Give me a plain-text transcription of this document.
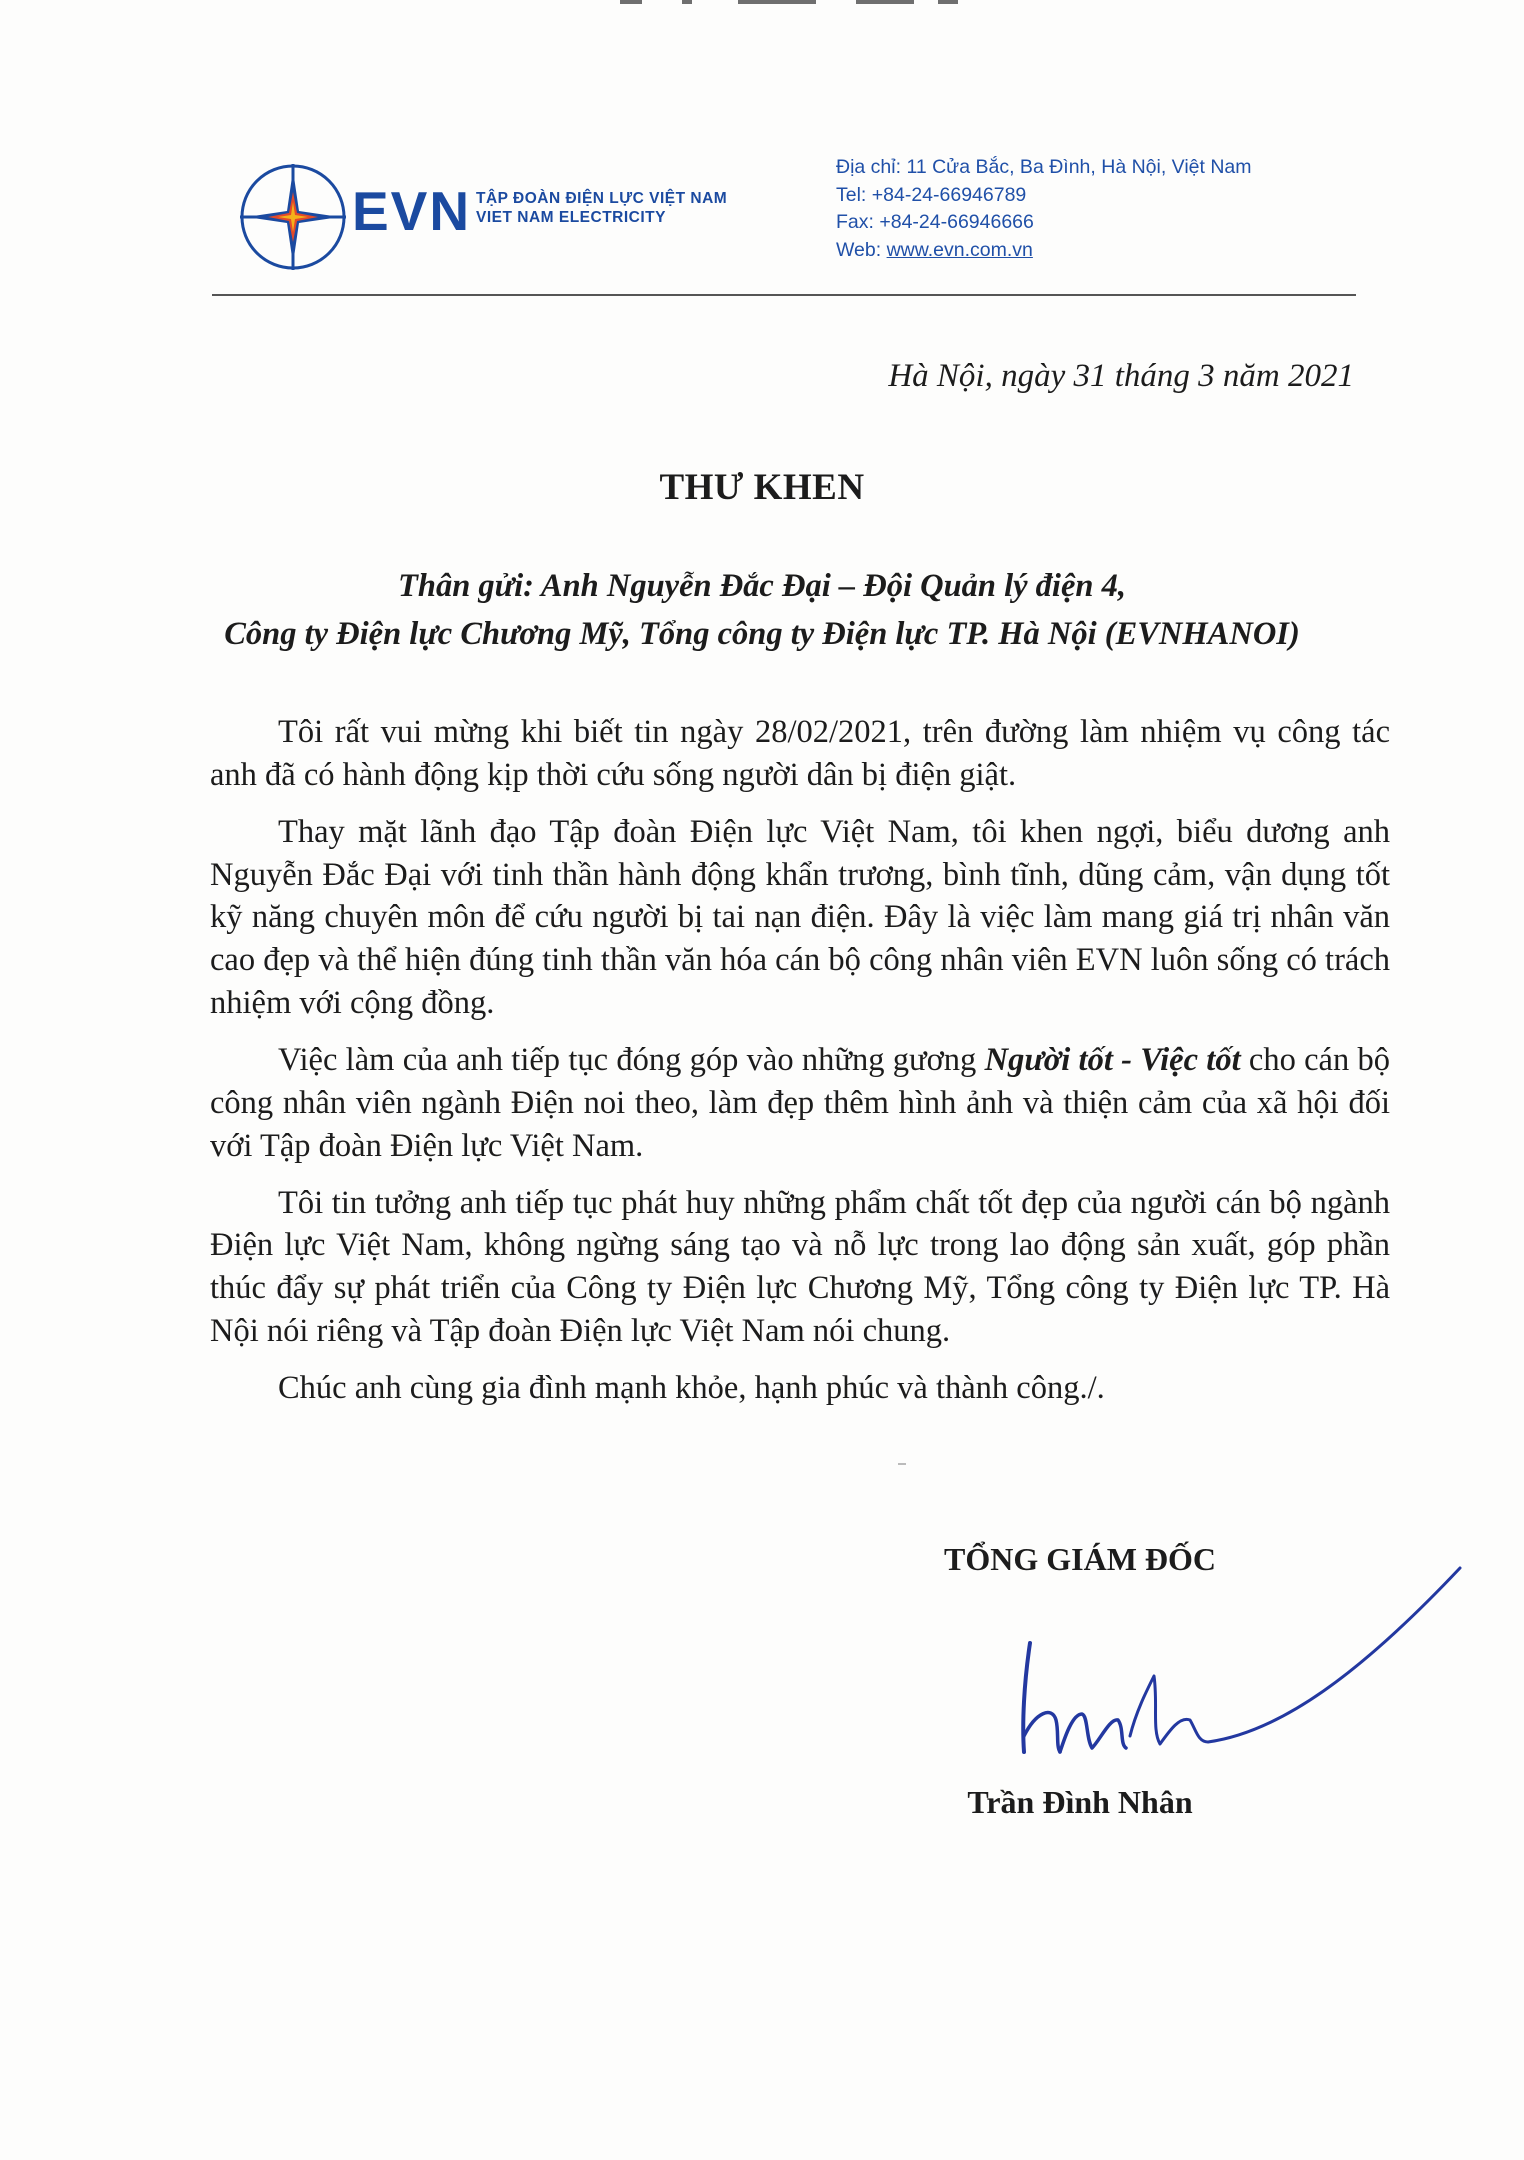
EVN TẬP ĐOÀN ĐIỆN LỰC VIỆT NAM
VIET NAM ELECTRICITY
Địa chỉ: 11 Cửa Bắc, Ba Đình, Hà Nội, Việt Nam
Tel: +84-24-66946789
Fax: +84-24-66946666
Web: www.evn.com.vn
Hà Nội, ngày 31 tháng 3 năm 2021
THƯ KHEN
Thân gửi: Anh Nguyễn Đắc Đại – Đội Quản lý điện 4,
Công ty Điện lực Chương Mỹ, Tổng công ty Điện lực TP. Hà Nội (EVNHANOI)

Tôi rất vui mừng khi biết tin ngày 28/02/2021, trên đường làm nhiệm vụ công tác anh đã có hành động kịp thời cứu sống người dân bị điện giật.

Thay mặt lãnh đạo Tập đoàn Điện lực Việt Nam, tôi khen ngợi, biểu dương anh Nguyễn Đắc Đại với tinh thần hành động khẩn trương, bình tĩnh, dũng cảm, vận dụng tốt kỹ năng chuyên môn để cứu người bị tai nạn điện. Đây là việc làm mang giá trị nhân văn cao đẹp và thể hiện đúng tinh thần văn hóa cán bộ công nhân viên EVN luôn sống có trách nhiệm với cộng đồng.

Việc làm của anh tiếp tục đóng góp vào những gương Người tốt - Việc tốt cho cán bộ công nhân viên ngành Điện noi theo, làm đẹp thêm hình ảnh và thiện cảm của xã hội đối với Tập đoàn Điện lực Việt Nam.

Tôi tin tưởng anh tiếp tục phát huy những phẩm chất tốt đẹp của người cán bộ ngành Điện lực Việt Nam, không ngừng sáng tạo và nỗ lực trong lao động sản xuất, góp phần thúc đẩy sự phát triển của Công ty Điện lực Chương Mỹ, Tổng công ty Điện lực TP. Hà Nội nói riêng và Tập đoàn Điện lực Việt Nam nói chung.

Chúc anh cùng gia đình mạnh khỏe, hạnh phúc và thành công./.

TỔNG GIÁM ĐỐC
Trần Đình Nhân
